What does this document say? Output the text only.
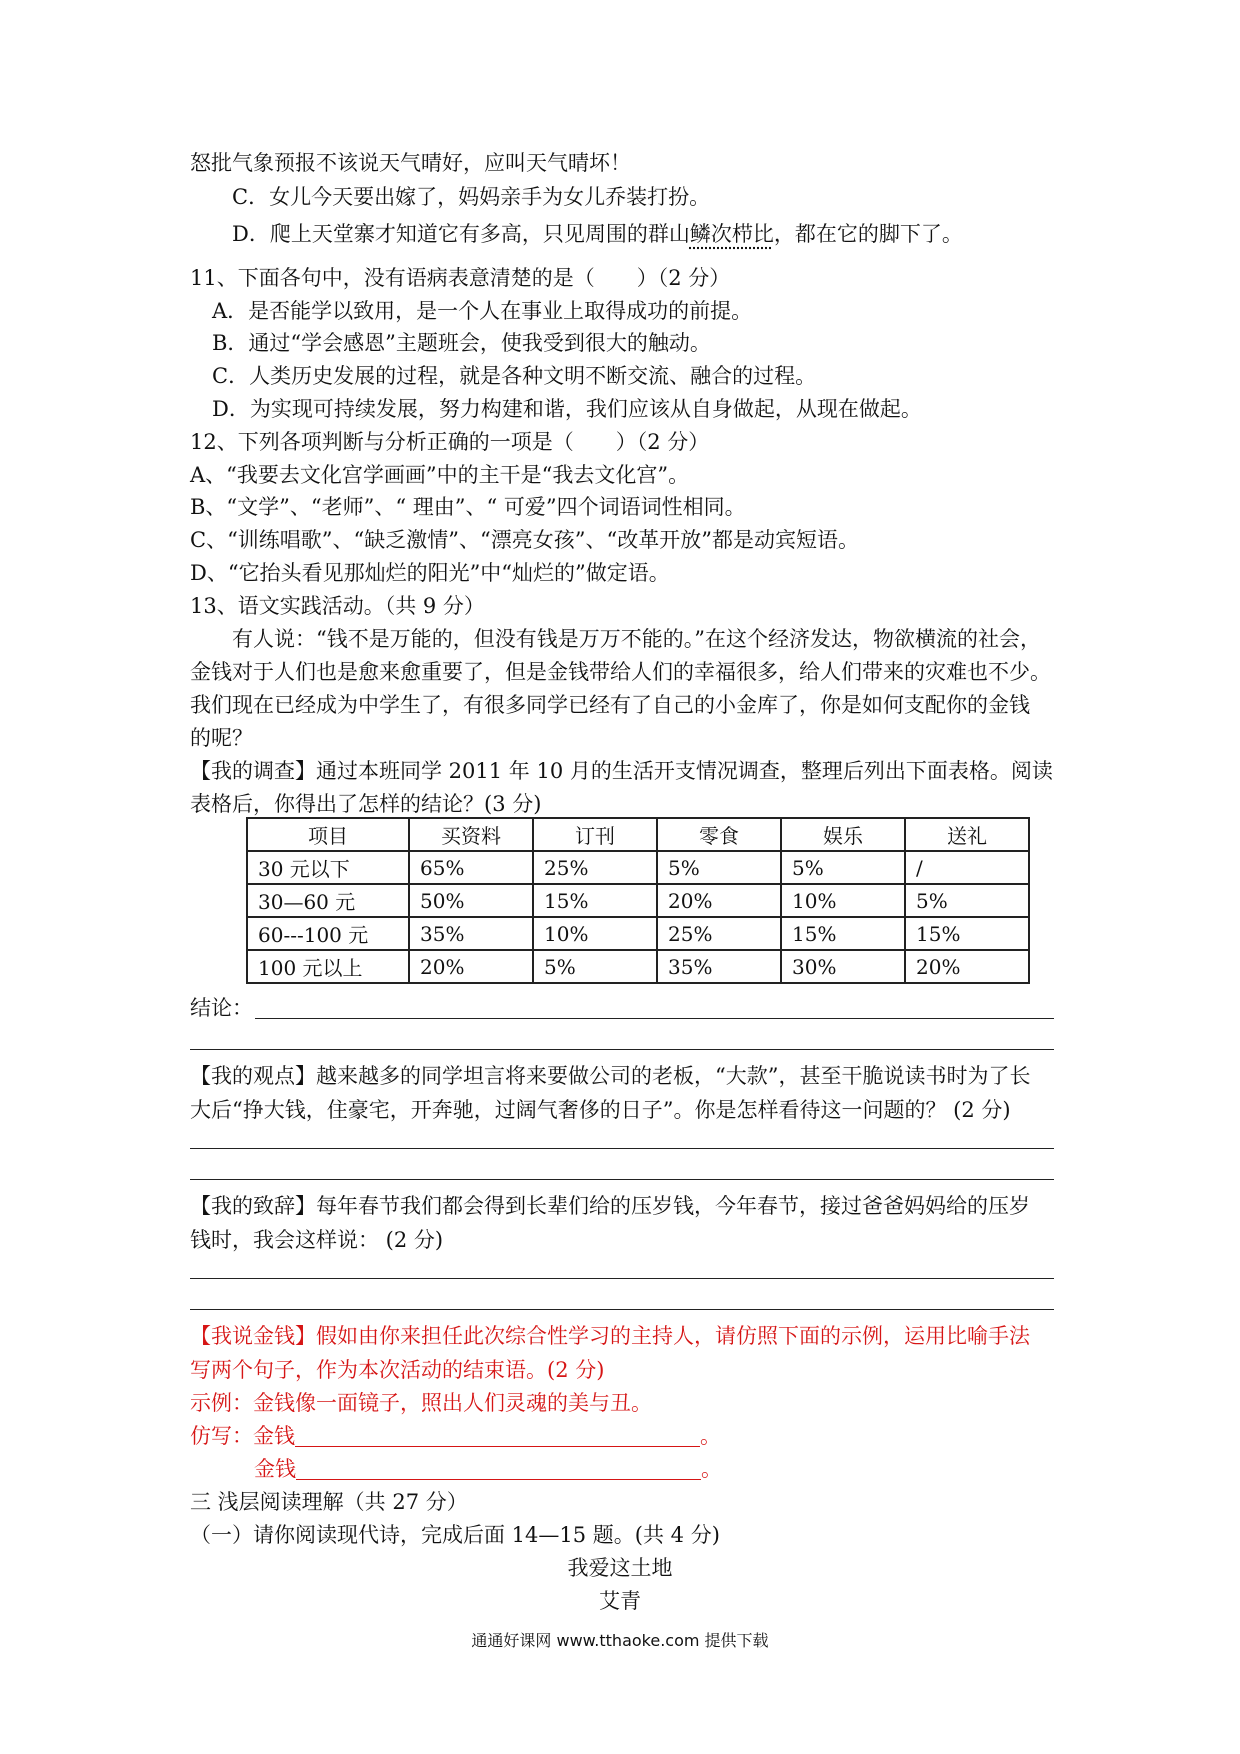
怒批气象预报不该说天气晴好，应叫天气晴坏！
C．女儿今天要出嫁了，妈妈亲手为女儿乔装打扮。
D．爬上天堂寨才知道它有多高，只见周围的群山鳞次栉比，都在它的脚下了。
11、下面各句中，没有语病表意清楚的是（　　）（2 分）
A．是否能学以致用，是一个人在事业上取得成功的前提。
B．通过“学会感恩”主题班会，使我受到很大的触动。
C．人类历史发展的过程，就是各种文明不断交流、融合的过程。
D．为实现可持续发展，努力构建和谐，我们应该从自身做起，从现在做起。
12、下列各项判断与分析正确的一项是（　　）（2 分）
A、“我要去文化宫学画画”中的主干是“我去文化宫”。
B、“文学”、“老师”、“ 理由”、“ 可爱”四个词语词性相同。
C、“训练唱歌”、“缺乏激情”、“漂亮女孩”、“改革开放”都是动宾短语。
D、“它抬头看见那灿烂的阳光”中“灿烂的”做定语。
13、语文实践活动。（共 9 分）
　　有人说：“钱不是万能的，但没有钱是万万不能的。”在这个经济发达，物欲横流的社会，
金钱对于人们也是愈来愈重要了，但是金钱带给人们的幸福很多，给人们带来的灾难也不少。
我们现在已经成为中学生了，有很多同学已经有了自己的小金库了，你是如何支配你的金钱
的呢？
【我的调查】通过本班同学 2011 年 10 月的生活开支情况调查，整理后列出下面表格。阅读
表格后，你得出了怎样的结论？(3 分)
项目	买资料	订刊	零食	娱乐	送礼
30 元以下	65%	25%	5%	5%	/
30—60 元	50%	15%	20%	10%	5%
60---100 元	35%	10%	25%	15%	15%
100 元以上	20%	5%	35%	30%	20%
结论：
【我的观点】越来越多的同学坦言将来要做公司的老板，“大款”，甚至干脆说读书时为了长
大后“挣大钱，住豪宅，开奔驰，过阔气奢侈的日子”。你是怎样看待这一问题的？ (2 分)
【我的致辞】每年春节我们都会得到长辈们给的压岁钱，今年春节，接过爸爸妈妈给的压岁
钱时，我会这样说： (2 分)
【我说金钱】假如由你来担任此次综合性学习的主持人，请仿照下面的示例，运用比喻手法
写两个句子，作为本次活动的结束语。(2 分)
示例：金钱像一面镜子，照出人们灵魂的美与丑。
仿写：金钱	。
金钱	。
三 浅层阅读理解（共 27 分）
（一）请你阅读现代诗，完成后面 14—15 题。(共 4 分)
我爱这土地
艾青
通通好课网 www.tthaoke.com 提供下载
